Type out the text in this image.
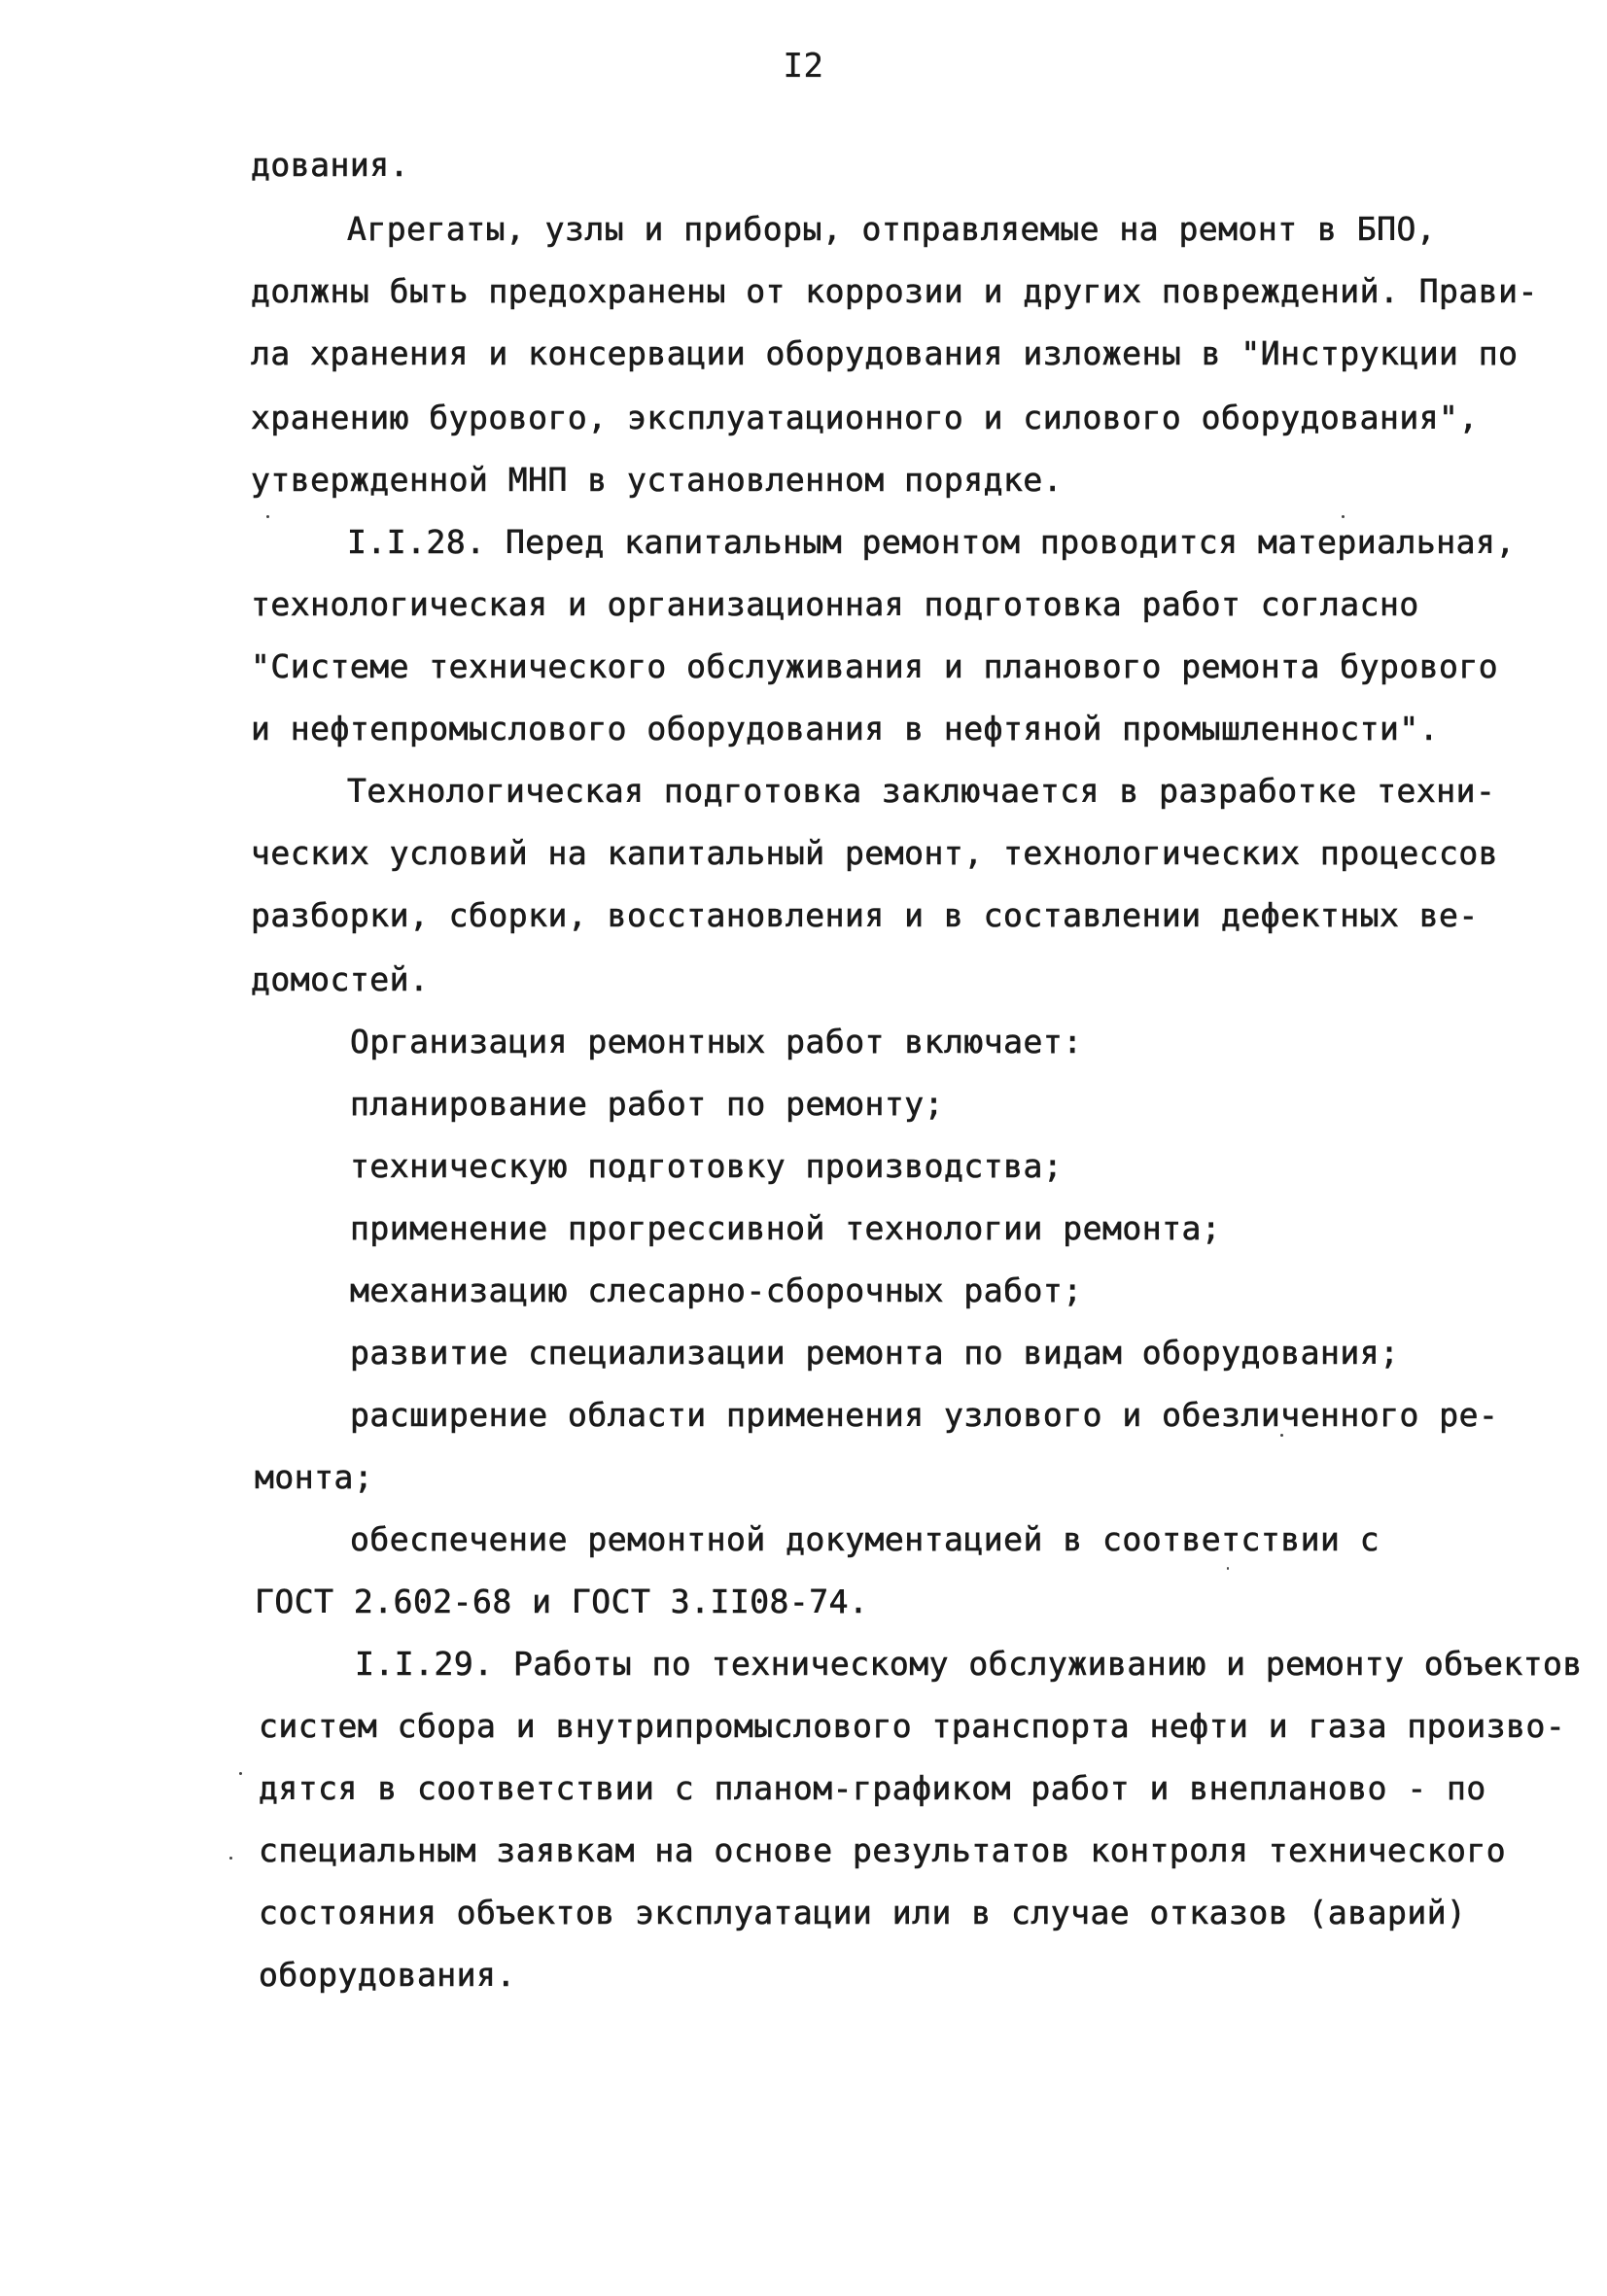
I2
дования.
Агрегаты, узлы и приборы, отправляемые на ремонт в БПО,
должны быть предохранены от коррозии и других повреждений. Прави-
ла хранения и консервации оборудования изложены в "Инструкции по
хранению бурового, эксплуатационного и силового оборудования",
утвержденной МНП в установленном порядке.
I.I.28. Перед капитальным ремонтом проводится материальная,
технологическая и организационная подготовка работ согласно
"Системе технического обслуживания и планового ремонта бурового
и нефтепромыслового оборудования в нефтяной промышленности".
Технологическая подготовка заключается в разработке техни-
ческих условий на капитальный ремонт, технологических процессов
разборки, сборки, восстановления и в составлении дефектных ве-
домостей.
Организация ремонтных работ включает:
планирование работ по ремонту;
техническую подготовку производства;
применение прогрессивной технологии ремонта;
механизацию слесарно-сборочных работ;
развитие специализации ремонта по видам оборудования;
расширение области применения узлового и обезличенного ре-
монта;
обеспечение ремонтной документацией в соответствии с
ГОСТ 2.602-68 и ГОСТ 3.II08-74.
I.I.29. Работы по техническому обслуживанию и ремонту объектов
систем сбора и внутрипромыслового транспорта нефти и газа произво-
дятся в соответствии с планом-графиком работ и внепланово - по
специальным заявкам на основе результатов контроля технического
состояния объектов эксплуатации или в случае отказов (аварий)
оборудования.
